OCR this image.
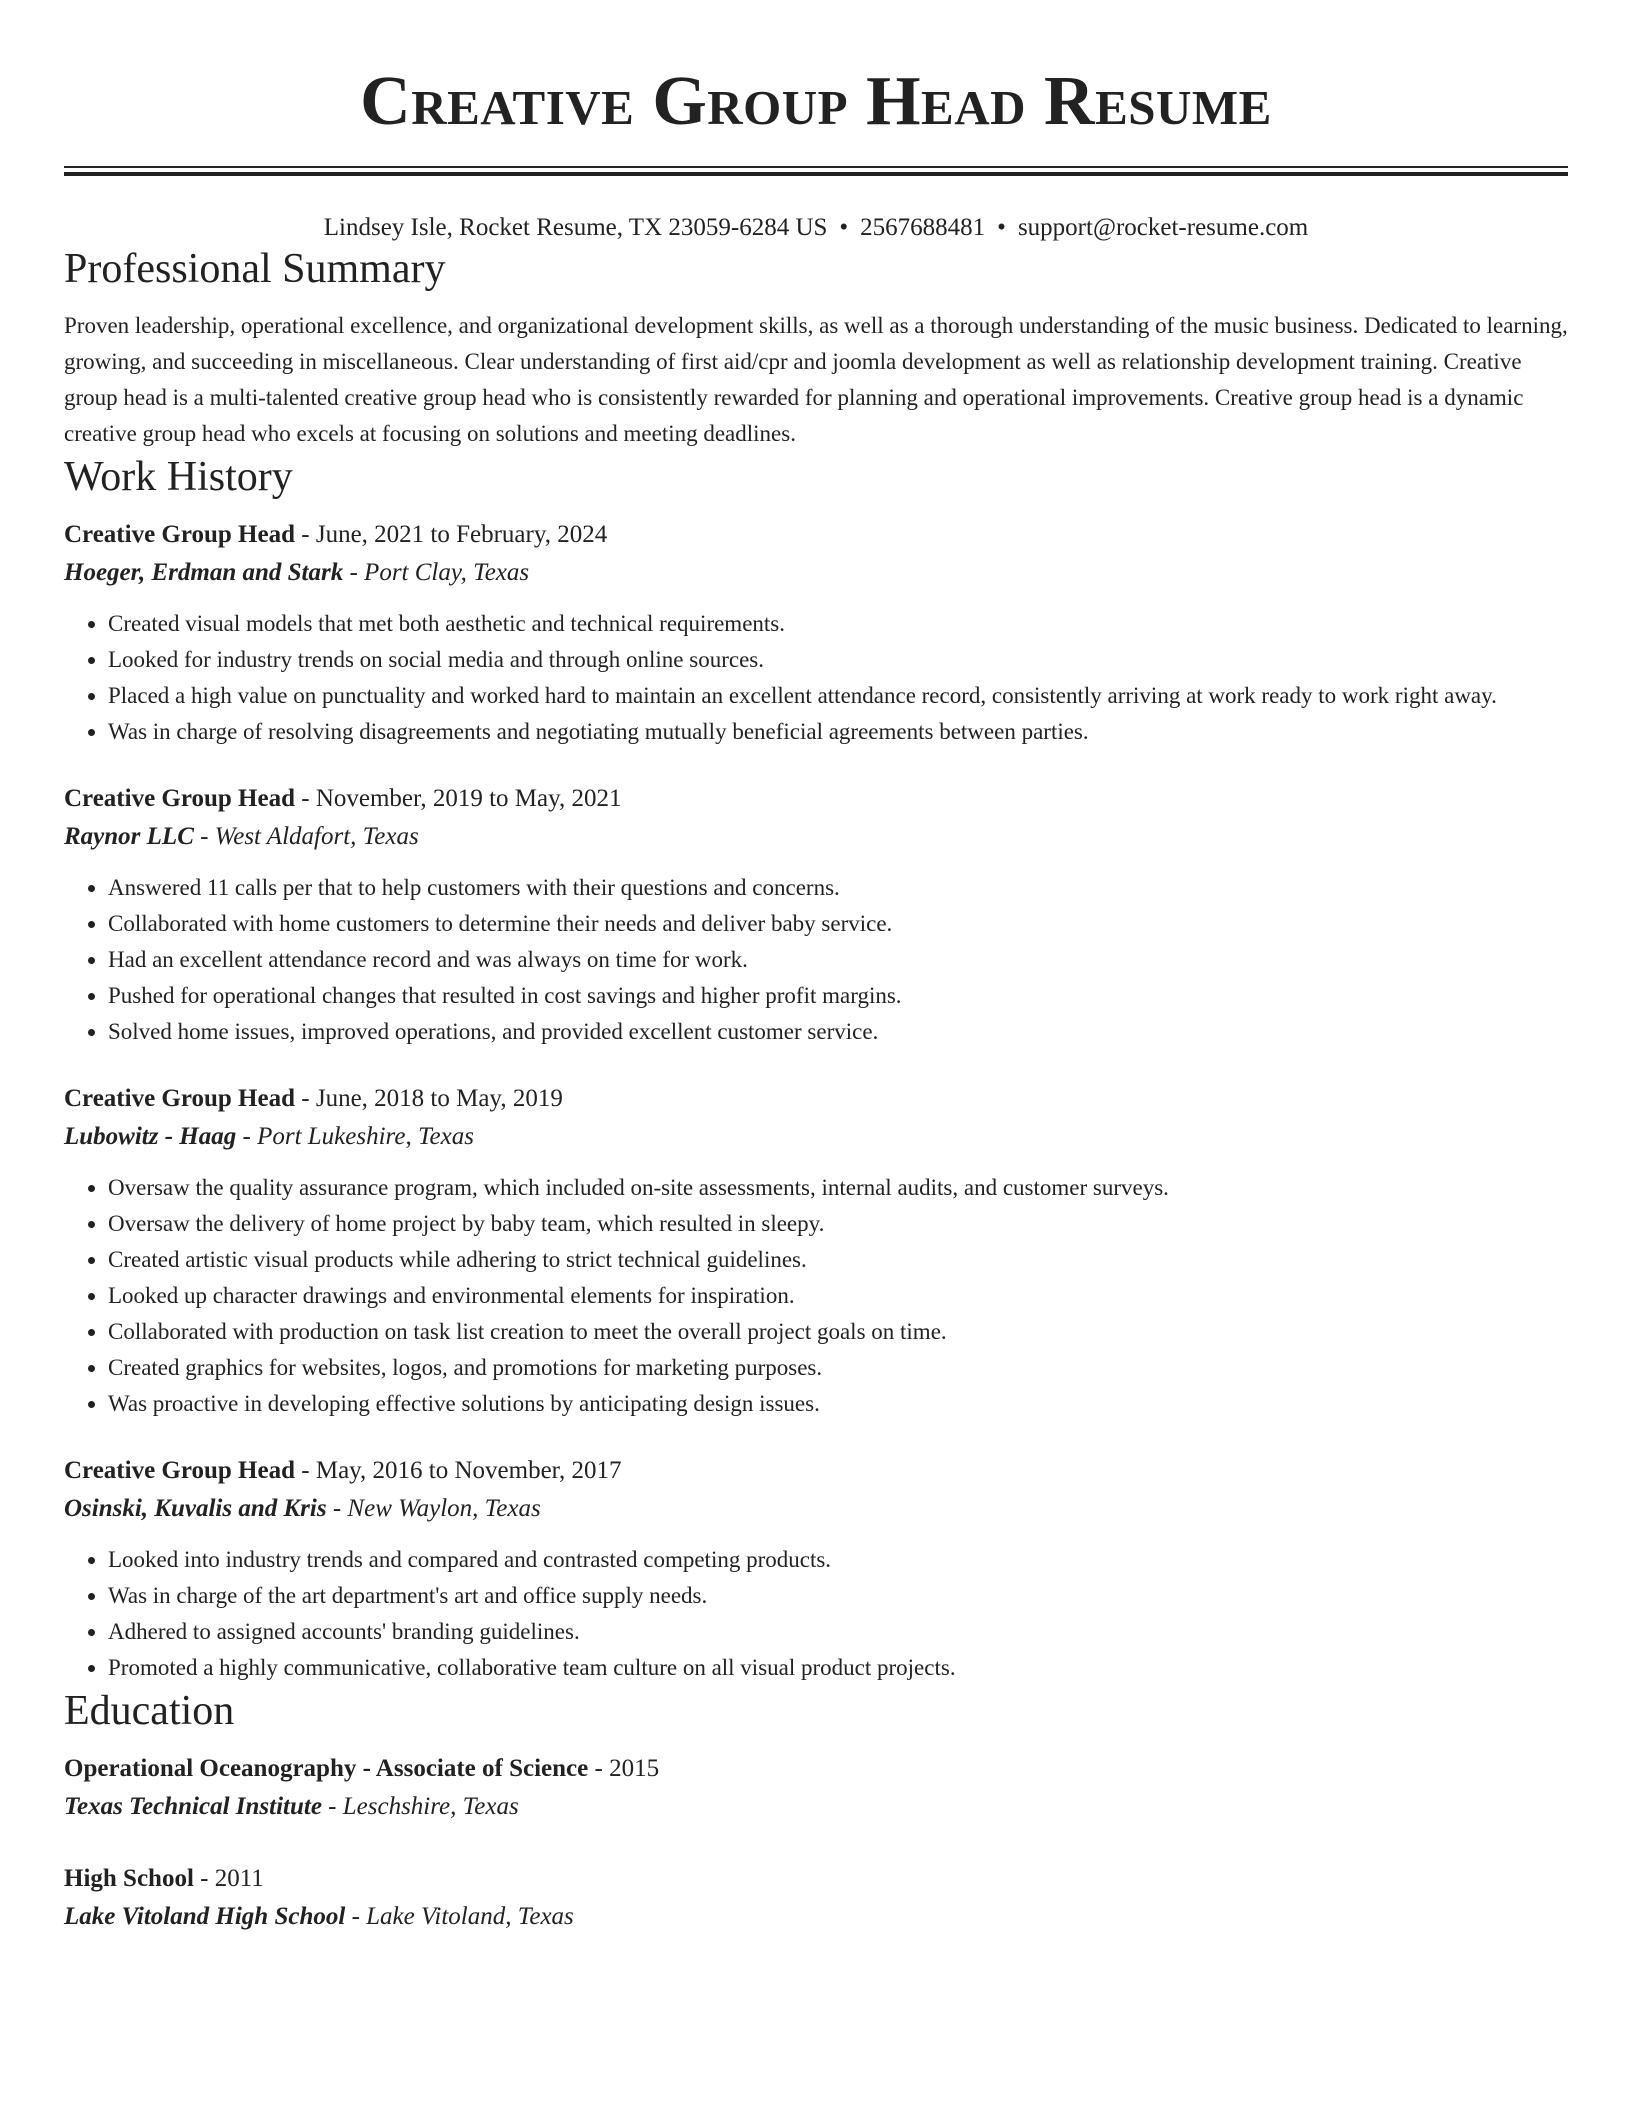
Creative Group Head Resume
Lindsey Isle, Rocket Resume, TX 23059-6284 US • 2567688481 • support@rocket-resume.com
Professional Summary

Proven leadership, operational excellence, and organizational development skills, as well as a thorough understanding of the music business. Dedicated to learning, growing, and succeeding in miscellaneous. Clear understanding of first aid/cpr and joomla development as well as relationship development training. Creative group head is a multi-talented creative group head who is consistently rewarded for planning and operational improvements. Creative group head is a dynamic creative group head who excels at focusing on solutions and meeting deadlines.

Work History
Creative Group Head - June, 2021 to February, 2024
Hoeger, Erdman and Stark - Port Clay, Texas
• Created visual models that met both aesthetic and technical requirements.
• Looked for industry trends on social media and through online sources.
• Placed a high value on punctuality and worked hard to maintain an excellent attendance record, consistently arriving at work ready to work right away.
• Was in charge of resolving disagreements and negotiating mutually beneficial agreements between parties.
Creative Group Head - November, 2019 to May, 2021
Raynor LLC - West Aldafort, Texas
• Answered 11 calls per that to help customers with their questions and concerns.
• Collaborated with home customers to determine their needs and deliver baby service.
• Had an excellent attendance record and was always on time for work.
• Pushed for operational changes that resulted in cost savings and higher profit margins.
• Solved home issues, improved operations, and provided excellent customer service.
Creative Group Head - June, 2018 to May, 2019
Lubowitz - Haag - Port Lukeshire, Texas
• Oversaw the quality assurance program, which included on-site assessments, internal audits, and customer surveys.
• Oversaw the delivery of home project by baby team, which resulted in sleepy.
• Created artistic visual products while adhering to strict technical guidelines.
• Looked up character drawings and environmental elements for inspiration.
• Collaborated with production on task list creation to meet the overall project goals on time.
• Created graphics for websites, logos, and promotions for marketing purposes.
• Was proactive in developing effective solutions by anticipating design issues.
Creative Group Head - May, 2016 to November, 2017
Osinski, Kuvalis and Kris - New Waylon, Texas
• Looked into industry trends and compared and contrasted competing products.
• Was in charge of the art department's art and office supply needs.
• Adhered to assigned accounts' branding guidelines.
• Promoted a highly communicative, collaborative team culture on all visual product projects.
Education
Operational Oceanography - Associate of Science - 2015
Texas Technical Institute - Leschshire, Texas
High School - 2011
Lake Vitoland High School - Lake Vitoland, Texas
